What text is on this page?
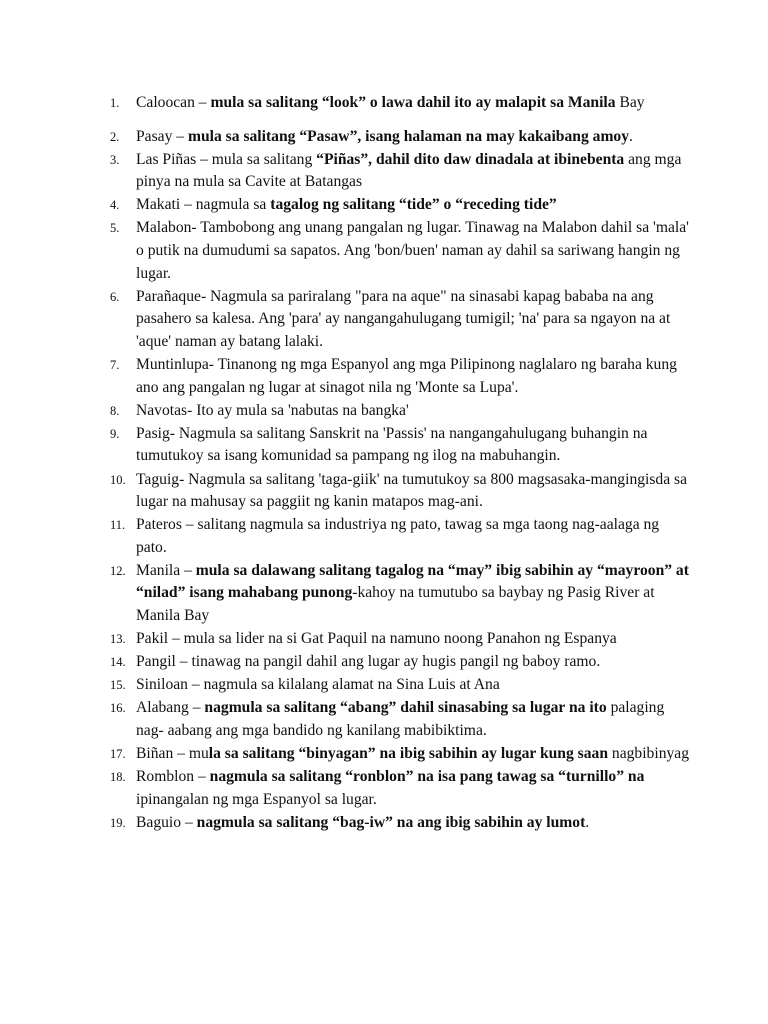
1. Caloocan – mula sa salitang “look” o lawa dahil ito ay malapit sa Manila Bay
2. Pasay – mula sa salitang “Pasaw”, isang halaman na may kakaibang amoy.
3. Las Piñas – mula sa salitang “Piñas”, dahil dito daw dinadala at ibinebenta ang mga pinya na mula sa Cavite at Batangas
4. Makati – nagmula sa tagalog ng salitang “tide” o “receding tide”
5. Malabon- Tambobong ang unang pangalan ng lugar. Tinawag na Malabon dahil sa 'mala' o putik na dumudumi sa sapatos. Ang 'bon/buen' naman ay dahil sa sariwang hangin ng lugar.
6. Parañaque- Nagmula sa pariralang "para na aque" na sinasabi kapag bababa na ang pasahero sa kalesa. Ang 'para' ay nangangahulugang tumigil; 'na' para sa ngayon na at 'aque' naman ay batang lalaki.
7. Muntinlupa- Tinanong ng mga Espanyol ang mga Pilipinong naglalaro ng baraha kung ano ang pangalan ng lugar at sinagot nila ng 'Monte sa Lupa'.
8. Navotas- Ito ay mula sa 'nabutas na bangka'
9. Pasig- Nagmula sa salitang Sanskrit na 'Passis' na nangangahulugang buhangin na tumutukoy sa isang komunidad sa pampang ng ilog na mabuhangin.
10. Taguig- Nagmula sa salitang 'taga-giik' na tumutukoy sa 800 magsasaka-mangingisda sa lugar na mahusay sa paggiit ng kanin matapos mag-ani.
11. Pateros – salitang nagmula sa industriya ng pato, tawag sa mga taong nag-aalaga ng pato.
12. Manila – mula sa dalawang salitang tagalog na “may” ibig sabihin ay “mayroon” at “nilad” isang mahabang punong-kahoy na tumutubo sa baybay ng Pasig River at Manila Bay
13. Pakil – mula sa lider na si Gat Paquil na namuno noong Panahon ng Espanya
14. Pangil – tinawag na pangil dahil ang lugar ay hugis pangil ng baboy ramo.
15. Siniloan – nagmula sa kilalang alamat na Sina Luis at Ana
16. Alabang – nagmula sa salitang “abang” dahil sinasabing sa lugar na ito palaging nag- aabang ang mga bandido ng kanilang mabibiktima.
17. Biñan – mula sa salitang “binyagan” na ibig sabihin ay lugar kung saan nagbibinyag
18. Romblon – nagmula sa salitang “ronblon” na isa pang tawag sa “turnillo” na ipinangalan ng mga Espanyol sa lugar.
19. Baguio – nagmula sa salitang “bag-iw” na ang ibig sabihin ay lumot.
